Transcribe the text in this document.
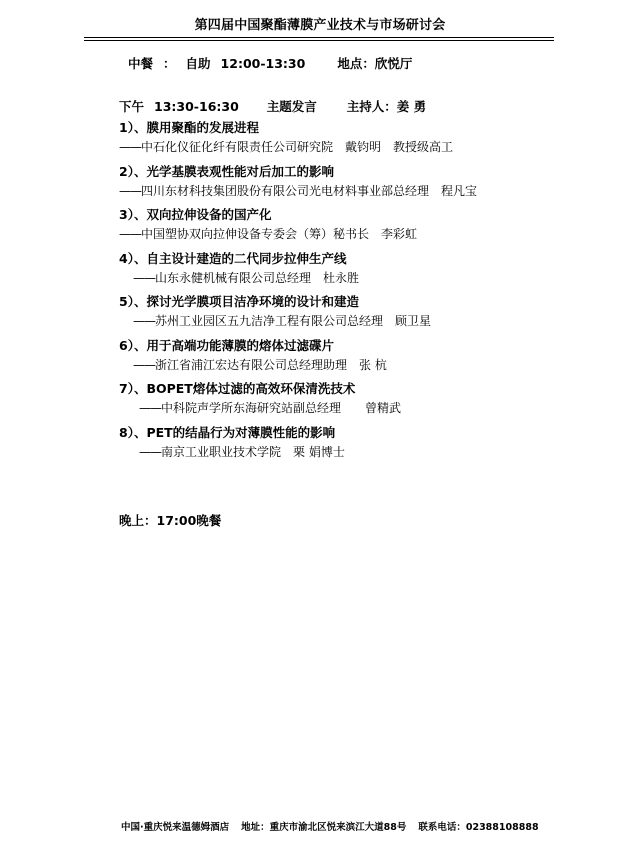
第四届中国聚酯薄膜产业技术与市场研讨会
中餐 ： 自助 12:00-13:30	地点：欣悦厅
下午 13:30-16:30 主题发言 主持人：姜 勇
1）、膜用聚酯的发展进程
——中石化仪征化纤有限责任公司研究院　戴钧明　教授级高工
2）、光学基膜表观性能对后加工的影响
——四川东材科技集团股份有限公司光电材料事业部总经理　程凡宝
3）、双向拉伸设备的国产化
——中国塑协双向拉伸设备专委会（筹）秘书长　李彩虹
4）、自主设计建造的二代同步拉伸生产线
——山东永健机械有限公司总经理　杜永胜
5）、探讨光学膜项目洁净环境的设计和建造
——苏州工业园区五九洁净工程有限公司总经理　顾卫星
6）、用于高端功能薄膜的熔体过滤碟片
——浙江省浦江宏达有限公司总经理助理　张 杭
7）、BOPET熔体过滤的高效环保清洗技术
——中科院声学所东海研究站副总经理　　曾精武
8）、PET的结晶行为对薄膜性能的影响
——南京工业职业技术学院　栗 娟博士
晚上：17:00晚餐
中国·重庆悦来温德姆酒店 地址：重庆市渝北区悦来滨江大道88号 联系电话：02388108888
